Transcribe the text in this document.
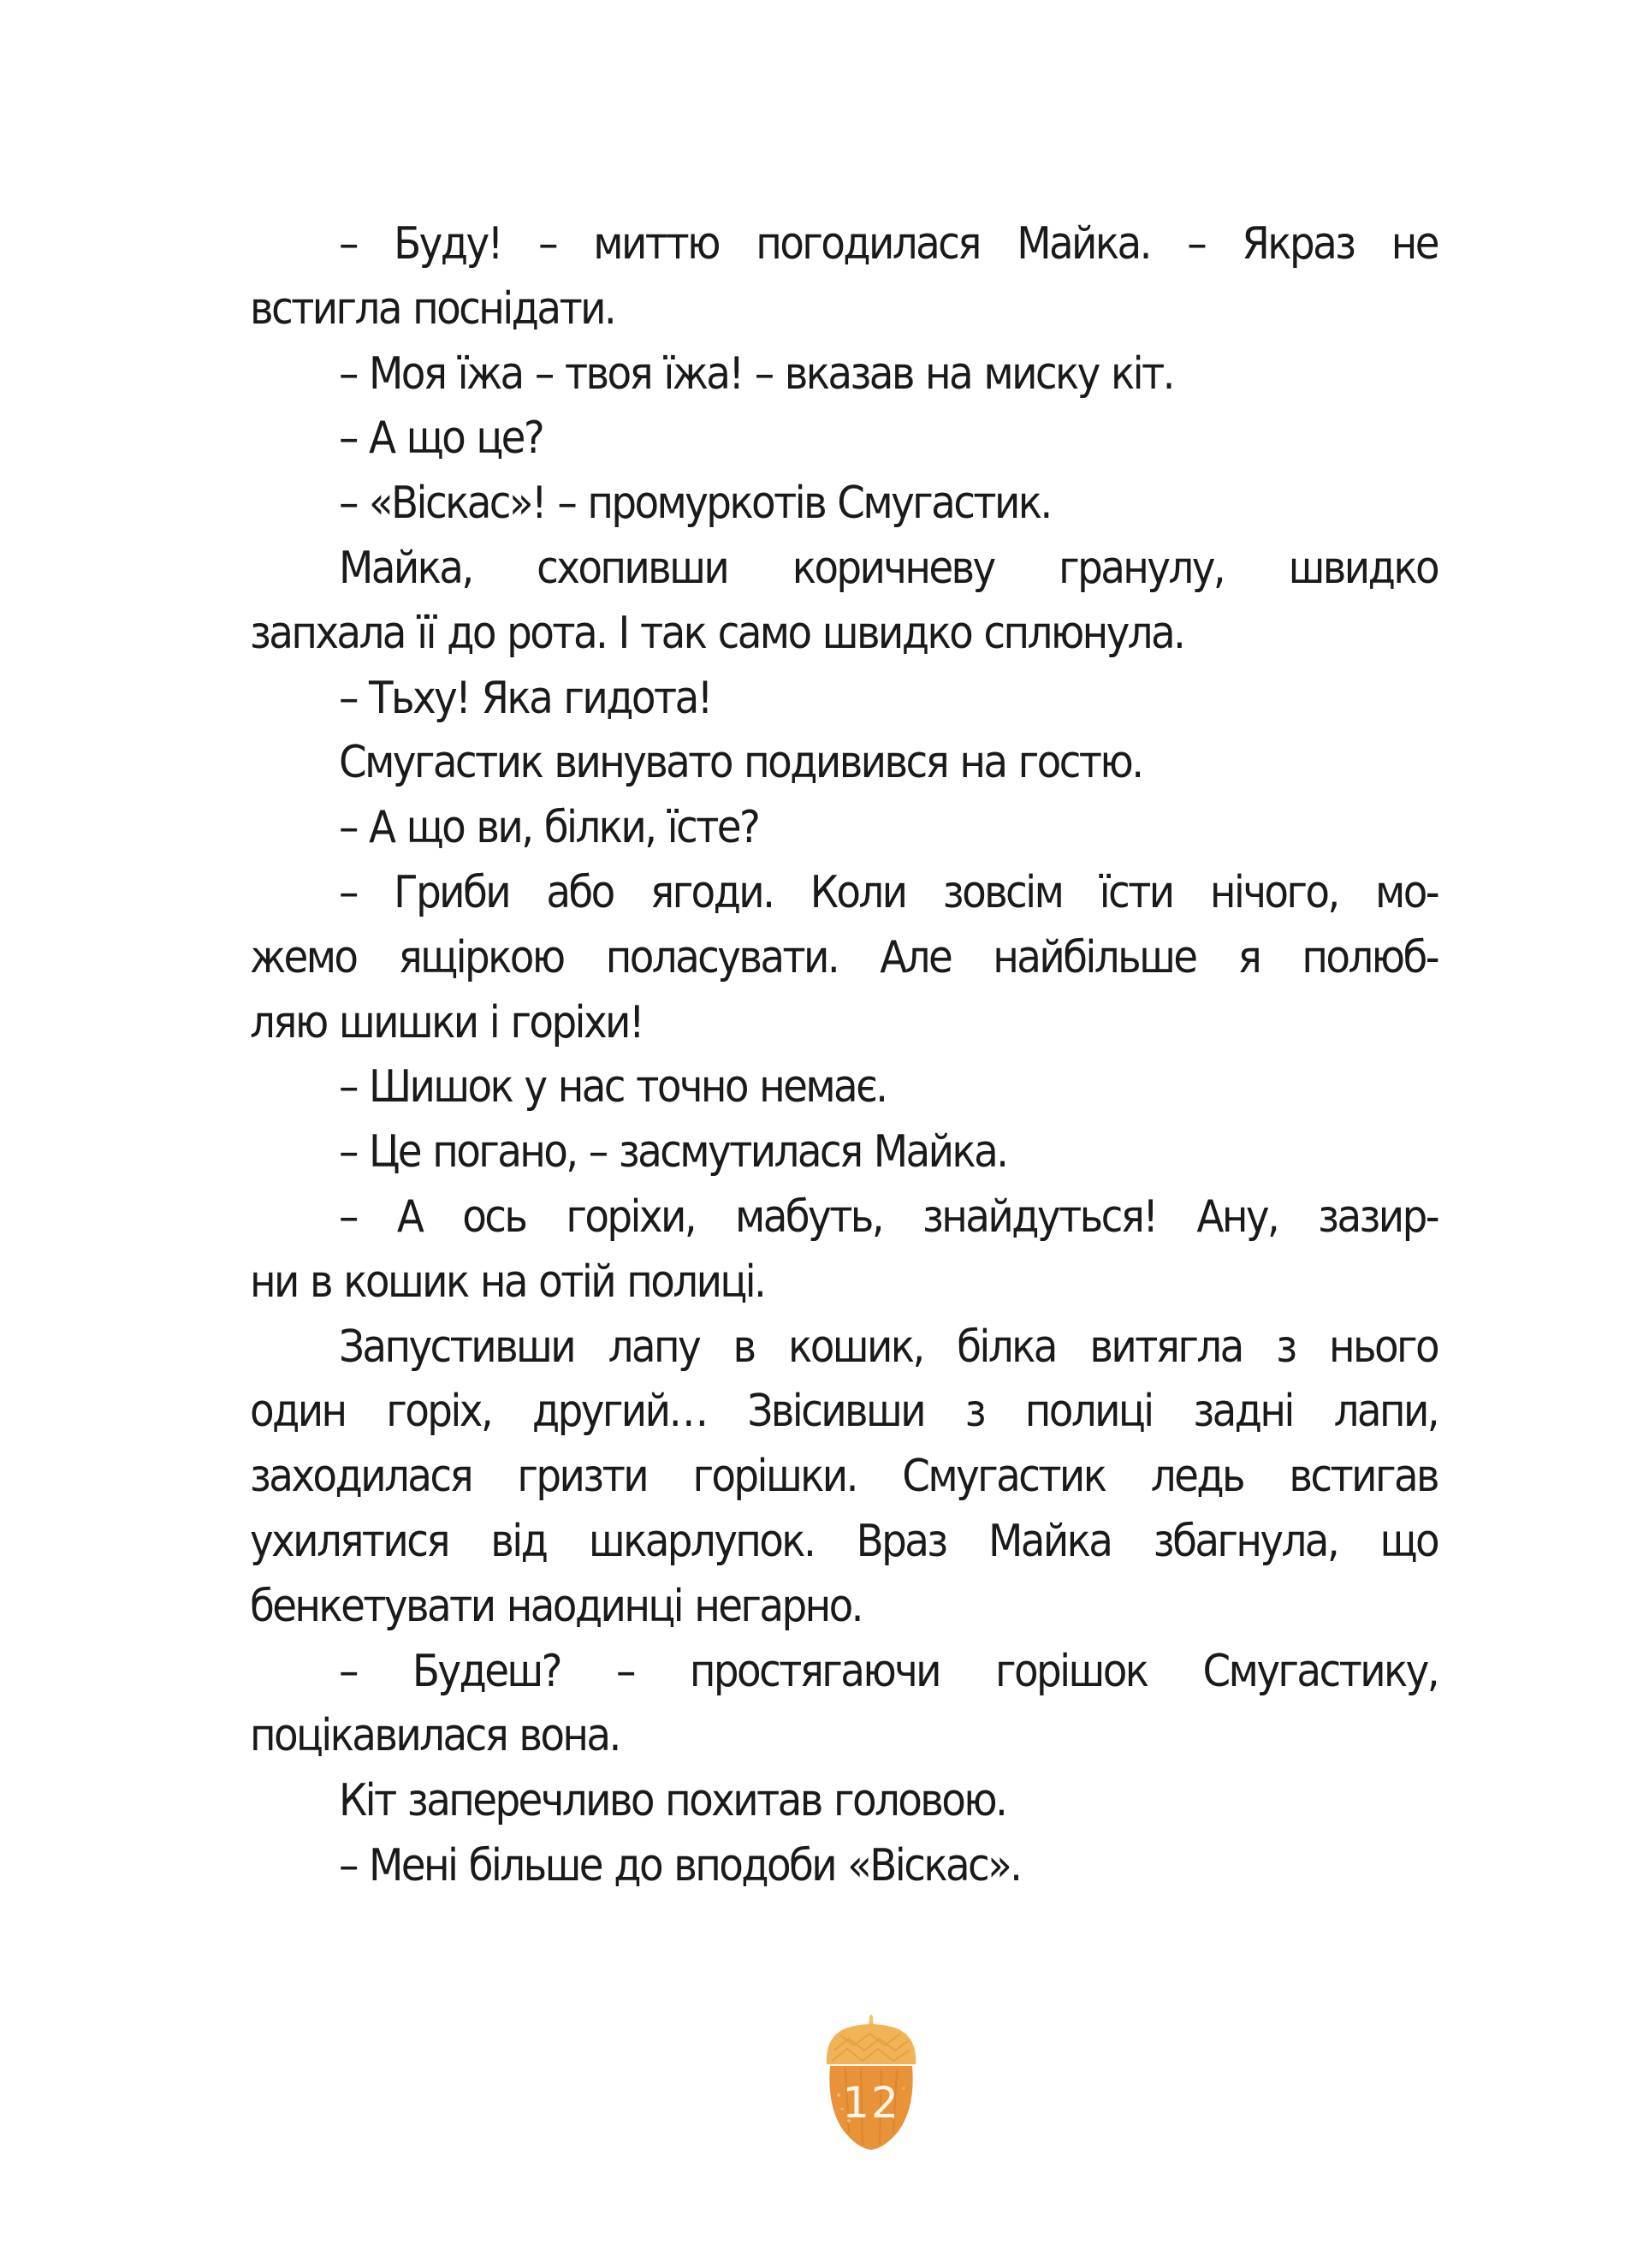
– Буду! – миттю погодилася Майка. – Якраз не
встигла поснідати.
– Моя їжа – твоя їжа! – вказав на миску кіт.
– А що це?
– «Віскас»! – промуркотів Смугастик.
Майка, схопивши коричневу гранулу, швидко
запхала її до рота. І так само швидко сплюнула.
– Тьху! Яка гидота!
Смугастик винувато подивився на гостю.
– А що ви, білки, їсте?
– Гриби або ягоди. Коли зовсім їсти нічого, мо-
жемо ящіркою поласувати. Але найбільше я полюб-
ляю шишки і горіхи!
– Шишок у нас точно немає.
– Це погано, – засмутилася Майка.
– А ось горіхи, мабуть, знайдуться! Ану, зазир-
ни в кошик на отій полиці.
Запустивши лапу в кошик, білка витягла з нього
один горіх, другий… Звісивши з полиці задні лапи,
заходилася гризти горішки. Смугастик ледь встигав
ухилятися від шкарлупок. Враз Майка збагнула, що
бенкетувати наодинці негарно.
– Будеш? – простягаючи горішок Смугастику,
поцікавилася вона.
Кіт заперечливо похитав головою.
– Мені більше до вподоби «Віскас».
12
